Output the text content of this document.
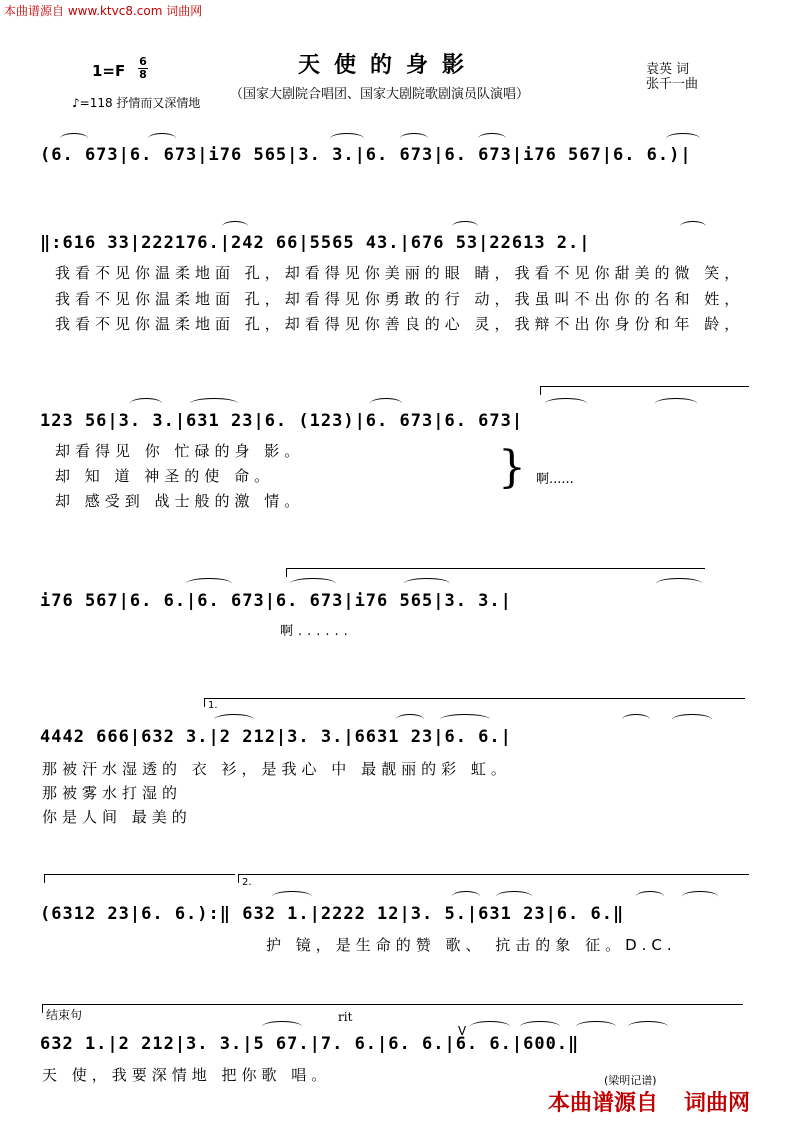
本曲谱源自 www.ktvc8.com 词曲网
1=F
6
8
♪=118 抒情而又深情地
天使的身影
（国家大剧院合唱团、国家大剧院歌剧演员队演唱）
袁英 词
张千一曲
(6. 673|6. 673|i76 565|3. 3.|6. 673|6. 673|i76 567|6. 6.)|
‖:616 33|222176.|242 66|5565 43.|676 53|22613 2.|
我看不见你温柔地面 孔，却看得见你美丽的眼 睛，我看不见你甜美的微 笑，
我看不见你温柔地面 孔，却看得见你勇敢的行 动，我虽叫不出你的名和 姓，
我看不见你温柔地面 孔，却看得见你善良的心 灵，我辩不出你身份和年 龄，
123 56|3. 3.|631 23|6. (123)|6. 673|6. 673|
却看得见 你 忙碌的身 影。
却 知 道 神圣的使 命。
却 感受到 战士般的激 情。
} 啊......
i76 567|6. 6.|6. 673|6. 673|i76 565|3. 3.|
啊......
1.
4442 666|632 3.|2 212|3. 3.|6631 23|6. 6.|
那被汗水湿透的 衣 衫，是我心 中 最靓丽的彩 虹。
那被雾水打湿的
你是人间 最美的
2.
(6312 23|6. 6.):‖ 632 1.|2222 12|3. 5.|631 23|6. 6.‖
护 镜，是生命的赞 歌、 抗击的象 征。D.C.
结束句	rit
V
632 1.|2 212|3. 3.|5 67.|7. 6.|6. 6.|6. 6.|600.‖
天 使，我要深情地 把你歌 唱。	(梁明记谱)
本曲谱源自 词曲网
